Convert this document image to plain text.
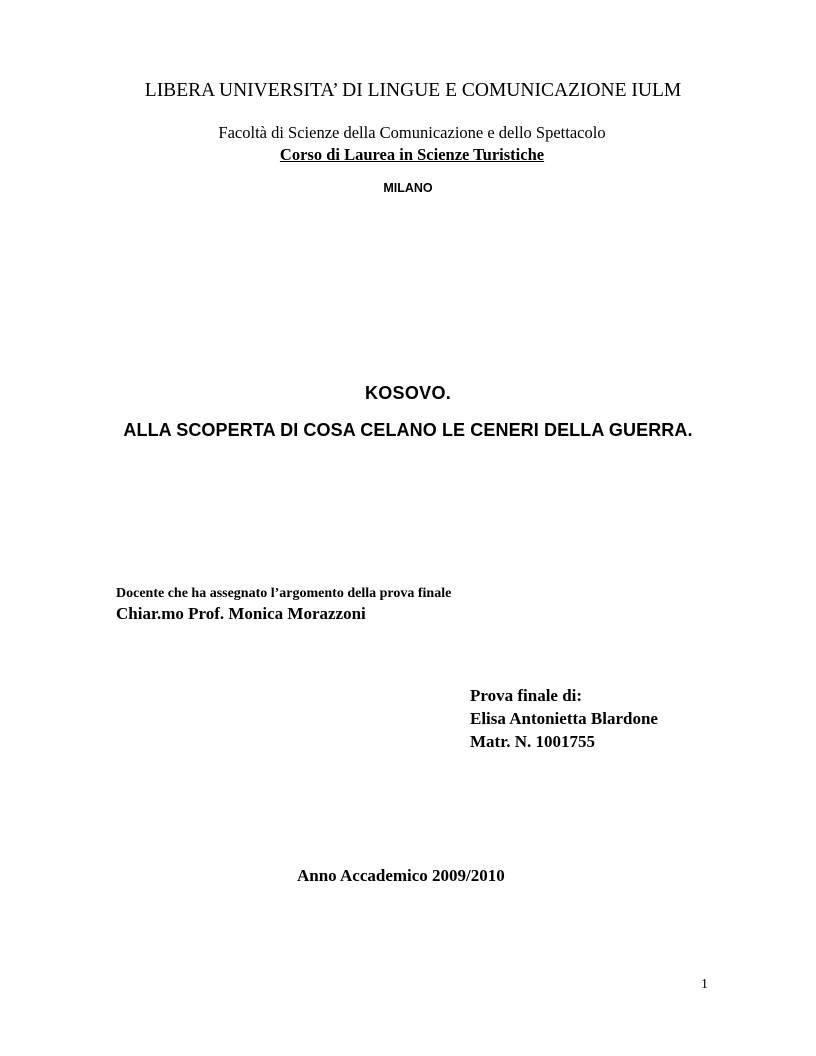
LIBERA UNIVERSITA’ DI LINGUE E COMUNICAZIONE IULM

Facoltà di Scienze della Comunicazione e dello Spettacolo

Corso di Laurea in Scienze Turistiche

MILANO

KOSOVO.
ALLA SCOPERTA DI COSA CELANO LE CENERI DELLA GUERRA.

Docente che ha assegnato l’argomento della prova finale

Chiar.mo Prof. Monica Morazzoni

Prova finale di:
Elisa Antonietta Blardone
Matr. N. 1001755

Anno Accademico 2009/2010

1
